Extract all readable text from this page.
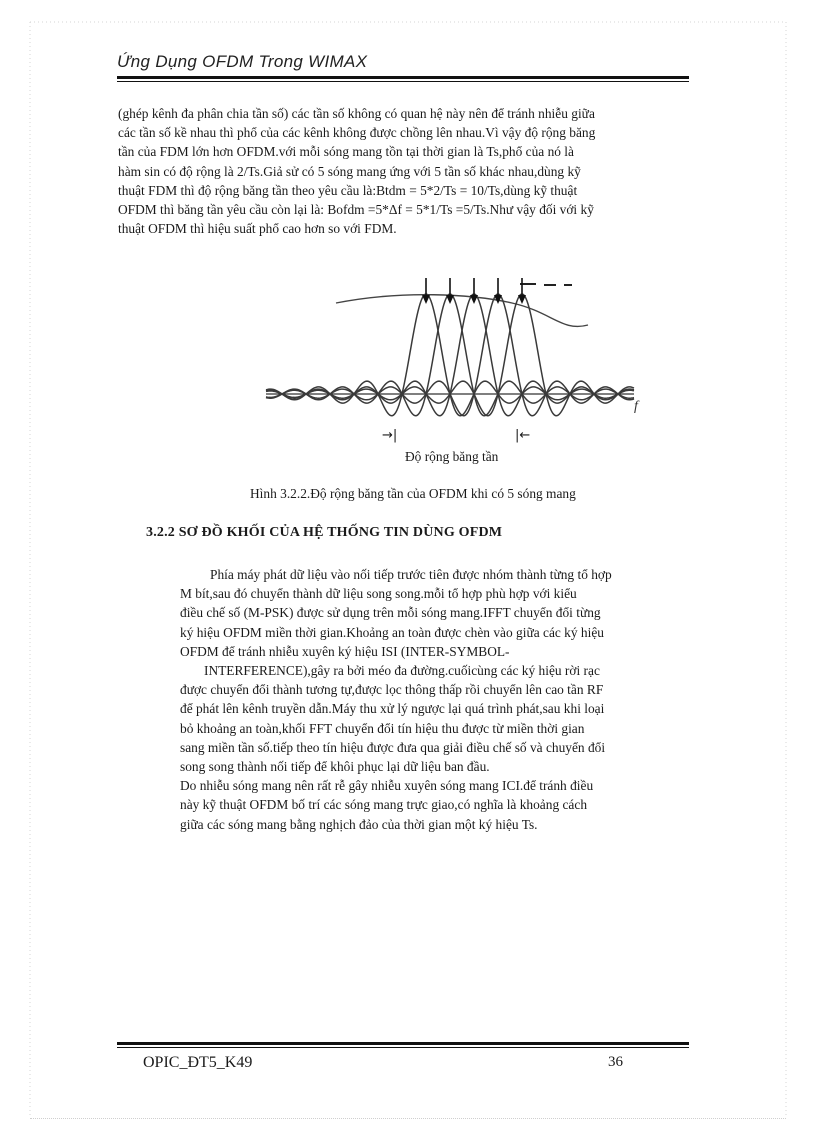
Ứng Dụng OFDM Trong WIMAX
(ghép kênh đa phân chia tần số) các tần số không có quan hệ này nên để tránh nhiễu giữa
các tần số kề nhau thì phổ của các kênh không được chồng lên nhau.Vì vậy độ rộng băng
tần của FDM lớn hơn OFDM.với mỗi sóng mang tồn tại thời gian là Ts,phổ của nó là
hàm sin có độ rộng là 2/Ts.Giả sử có 5 sóng mang ứng với 5 tần số khác nhau,dùng kỹ
thuật FDM thì độ rộng băng tần theo yêu cầu là:Btdm = 5*2/Ts = 10/Ts,dùng kỹ thuật
OFDM thì băng tần yêu cầu còn lại là: Bofdm =5*Δf = 5*1/Ts =5/Ts.Như vậy đối với kỹ
thuật OFDM thì hiệu suất phổ cao hơn so với FDM.
f
→|	|←
Độ rộng băng tần
Hình 3.2.2.Độ rộng băng tần của OFDM khi có 5 sóng mang
3.2.2 SƠ ĐỒ KHỐI CỦA HỆ THỐNG TIN DÙNG OFDM
Phía máy phát dữ liệu vào nối tiếp trước tiên được nhóm thành từng tổ hợp
M bít,sau đó chuyển thành dữ liệu song song.mỗi tổ hợp phù hợp với kiểu
điều chế số (M-PSK) được sử dụng trên mỗi sóng mang.IFFT chuyển đổi từng
ký hiệu OFDM miền thời gian.Khoảng an toàn được chèn vào giữa các ký hiệu
OFDM để tránh nhiễu xuyên ký hiệu ISI (INTER-SYMBOL-
INTERFERENCE),gây ra bởi méo đa đường.cuốicùng các ký hiệu rời rạc
được chuyển đổi thành tương tự,được lọc thông thấp rồi chuyển lên cao tần RF
để phát lên kênh truyền dẫn.Máy thu xử lý ngược lại quá trình phát,sau khi loại
bỏ khoảng an toàn,khối FFT chuyển đổi tín hiệu thu được từ miền thời gian
sang miền tần số.tiếp theo tín hiệu được đưa qua giải điều chế số và chuyển đổi
song song thành nối tiếp để khôi phục lại dữ liệu ban đầu.
Do nhiễu sóng mang nên rất rễ gây nhiễu xuyên sóng mang ICI.để tránh điều
này kỹ thuật OFDM bố trí các sóng mang trực giao,có nghĩa là khoảng cách
giữa các sóng mang bằng nghịch đảo của thời gian một ký hiệu Ts.
OPIC_ĐT5_K49	36
